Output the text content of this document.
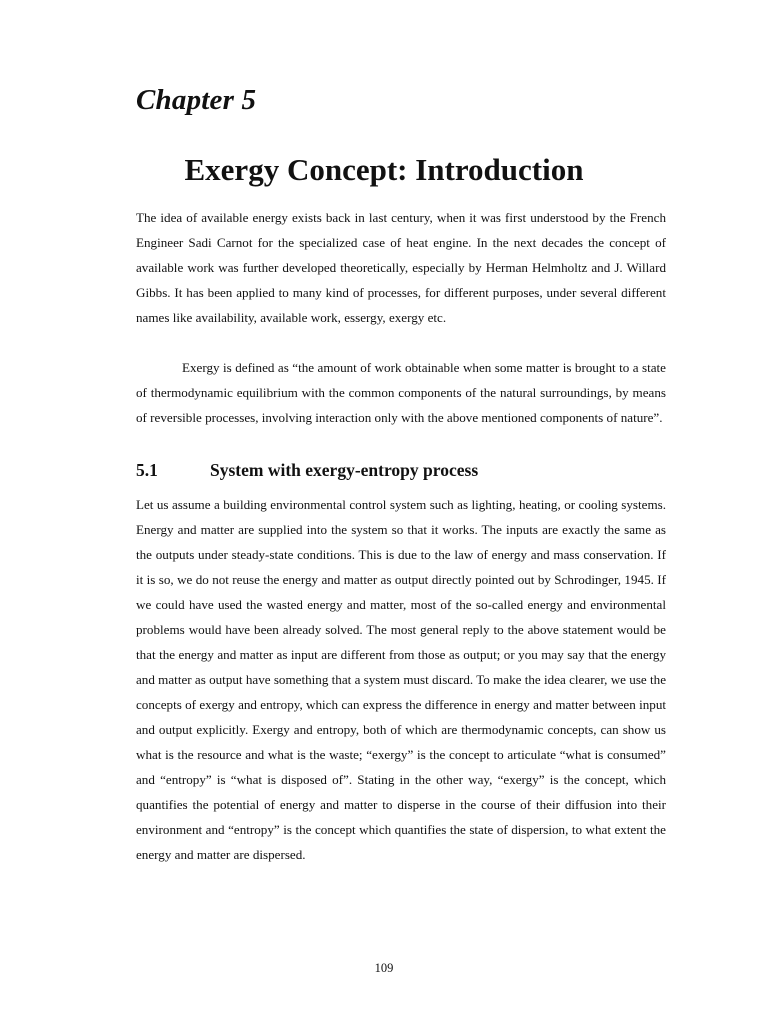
Chapter 5
Exergy Concept: Introduction

The idea of available energy exists back in last century, when it was first understood by the French Engineer Sadi Carnot for the specialized case of heat engine. In the next decades the concept of available work was further developed theoretically, especially by Herman Helmholtz and J. Willard Gibbs. It has been applied to many kind of processes, for different purposes, under several different names like availability, available work, essergy, exergy etc.

Exergy is defined as “the amount of work obtainable when some matter is brought to a state of thermodynamic equilibrium with the common components of the natural surroundings, by means of reversible processes, involving interaction only with the above mentioned components of nature”.

5.1	System with exergy-entropy process

Let us assume a building environmental control system such as lighting, heating, or cooling systems. Energy and matter are supplied into the system so that it works. The inputs are exactly the same as the outputs under steady-state conditions. This is due to the law of energy and mass conservation. If it is so, we do not reuse the energy and matter as output directly pointed out by Schrodinger, 1945. If we could have used the wasted energy and matter, most of the so-called energy and environmental problems would have been already solved. The most general reply to the above statement would be that the energy and matter as input are different from those as output; or you may say that the energy and matter as output have something that a system must discard. To make the idea clearer, we use the concepts of exergy and entropy, which can express the difference in energy and matter between input and output explicitly. Exergy and entropy, both of which are thermodynamic concepts, can show us what is the resource and what is the waste; “exergy” is the concept to articulate “what is consumed” and “entropy” is “what is disposed of”. Stating in the other way, “exergy” is the concept, which quantifies the potential of energy and matter to disperse in the course of their diffusion into their environment and “entropy” is the concept which quantifies the state of dispersion, to what extent the energy and matter are dispersed.

109
